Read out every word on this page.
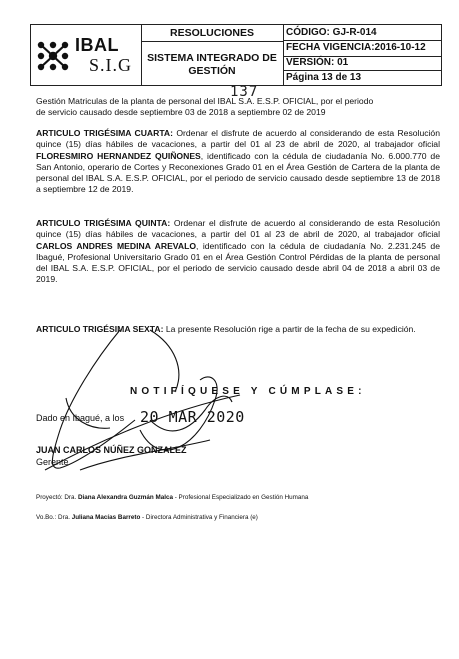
IBAL
S.I.G
RESOLUCIONES
SISTEMA INTEGRADO DE
GESTIÓN
CÓDIGO: GJ-R-014
FECHA VIGENCIA:2016-10-12
VERSIÓN: 01
Página 13 de 13
137
Gestión Matriculas de la planta de personal del IBAL S.A. E.S.P. OFICIAL, por el periodo
de servicio causado desde septiembre 03 de 2018 a septiembre 02 de 2019
ARTICULO TRIGÉSIMA CUARTA: Ordenar el disfrute de acuerdo al considerando de esta Resolución quince (15) días hábiles de vacaciones, a partir del 01 al 23 de abril de 2020, al trabajador oficial FLORESMIRO HERNANDEZ QUIÑONES, identificado con la cédula de ciudadanía No. 6.000.770 de San Antonio, operario de Cortes y Reconexiones Grado 01 en el Área Gestión de Cartera de la planta de personal del IBAL S.A. E.S.P. OFICIAL, por el periodo de servicio causado desde septiembre 13 de 2018 a septiembre 12 de 2019.
ARTICULO TRIGÉSIMA QUINTA: Ordenar el disfrute de acuerdo al considerando de esta Resolución quince (15) días hábiles de vacaciones, a partir del 01 al 23 de abril de 2020, al trabajador oficial CARLOS ANDRES MEDINA AREVALO, identificado con la cédula de ciudadanía No. 2.231.245 de Ibagué, Profesional Universitario Grado 01 en el Área Gestión Control Pérdidas de la planta de personal del IBAL S.A. E.S.P. OFICIAL, por el periodo de servicio causado desde abril 04 de 2018 a abril 03 de 2019.
ARTICULO TRIGÉSIMA SEXTA: La presente Resolución rige a partir de la fecha de su expedición.
NOTIFÍQUESE Y CÚMPLASE:
Dado en Ibagué, a los 20 MAR 2020
JUAN CARLOS NÚÑEZ GONZALEZ
Gerente
Proyectó: Dra. Diana Alexandra Guzmán Malca - Profesional Especializado en Gestión Humana
Vo.Bo.: Dra. Juliana Macías Barreto - Directora Administrativa y Financiera (e)
